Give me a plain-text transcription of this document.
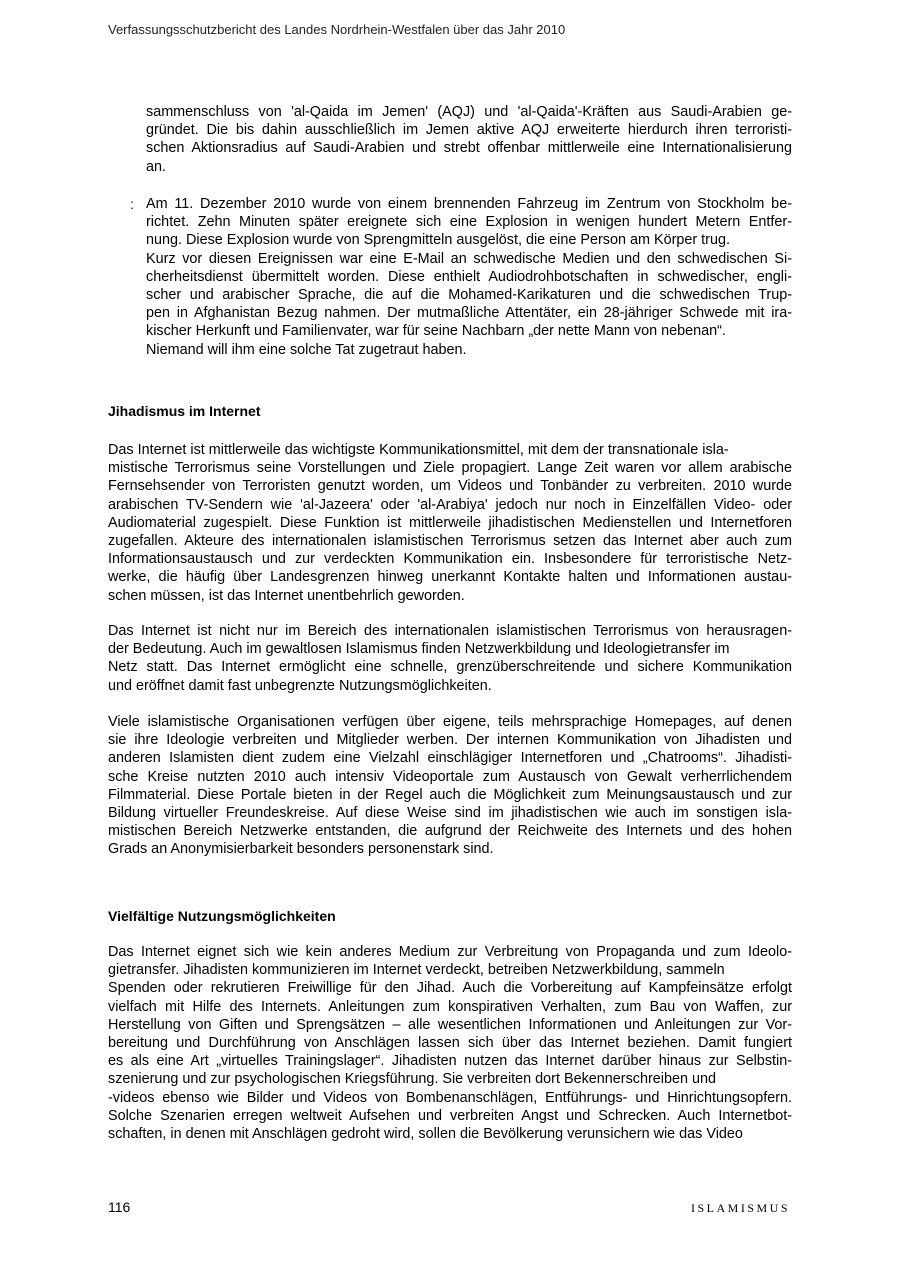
Verfassungsschutzbericht des Landes Nordrhein-Westfalen über das Jahr 2010
sammenschluss von 'al-Qaida im Jemen' (AQJ) und 'al-Qaida'-Kräften aus Saudi-Arabien ge-
gründet. Die bis dahin ausschließlich im Jemen aktive AQJ erweiterte hierdurch ihren terroristi-
schen Aktionsradius auf Saudi-Arabien und strebt offenbar mittlerweile eine Internationalisierung
an.
: Am 11. Dezember 2010 wurde von einem brennenden Fahrzeug im Zentrum von Stockholm be-
richtet. Zehn Minuten später ereignete sich eine Explosion in wenigen hundert Metern Entfer-
nung. Diese Explosion wurde von Sprengmitteln ausgelöst, die eine Person am Körper trug.
Kurz vor diesen Ereignissen war eine E-Mail an schwedische Medien und den schwedischen Si-
cherheitsdienst übermittelt worden. Diese enthielt Audiodrohbotschaften in schwedischer, engli-
scher und arabischer Sprache, die auf die Mohamed-Karikaturen und die schwedischen Trup-
pen in Afghanistan Bezug nahmen. Der mutmaßliche Attentäter, ein 28-jähriger Schwede mit ira-
kischer Herkunft und Familienvater, war für seine Nachbarn „der nette Mann von nebenan“.
Niemand will ihm eine solche Tat zugetraut haben.
Jihadismus im Internet
Das Internet ist mittlerweile das wichtigste Kommunikationsmittel, mit dem der transnationale isla-
mistische Terrorismus seine Vorstellungen und Ziele propagiert. Lange Zeit waren vor allem arabische
Fernsehsender von Terroristen genutzt worden, um Videos und Tonbänder zu verbreiten. 2010 wurde
arabischen TV-Sendern wie 'al-Jazeera' oder 'al-Arabiya' jedoch nur noch in Einzelfällen Video- oder
Audiomaterial zugespielt. Diese Funktion ist mittlerweile jihadistischen Medienstellen und Internetforen
zugefallen. Akteure des internationalen islamistischen Terrorismus setzen das Internet aber auch zum
Informationsaustausch und zur verdeckten Kommunikation ein. Insbesondere für terroristische Netz-
werke, die häufig über Landesgrenzen hinweg unerkannt Kontakte halten und Informationen austau-
schen müssen, ist das Internet unentbehrlich geworden.
Das Internet ist nicht nur im Bereich des internationalen islamistischen Terrorismus von herausragen-
der Bedeutung. Auch im gewaltlosen Islamismus finden Netzwerkbildung und Ideologietransfer im
Netz statt. Das Internet ermöglicht eine schnelle, grenzüberschreitende und sichere Kommunikation
und eröffnet damit fast unbegrenzte Nutzungsmöglichkeiten.
Viele islamistische Organisationen verfügen über eigene, teils mehrsprachige Homepages, auf denen
sie ihre Ideologie verbreiten und Mitglieder werben. Der internen Kommunikation von Jihadisten und
anderen Islamisten dient zudem eine Vielzahl einschlägiger Internetforen und „Chatrooms“. Jihadisti-
sche Kreise nutzten 2010 auch intensiv Videoportale zum Austausch von Gewalt verherrlichendem
Filmmaterial. Diese Portale bieten in der Regel auch die Möglichkeit zum Meinungsaustausch und zur
Bildung virtueller Freundeskreise. Auf diese Weise sind im jihadistischen wie auch im sonstigen isla-
mistischen Bereich Netzwerke entstanden, die aufgrund der Reichweite des Internets und des hohen
Grads an Anonymisierbarkeit besonders personenstark sind.
Vielfältige Nutzungsmöglichkeiten
Das Internet eignet sich wie kein anderes Medium zur Verbreitung von Propaganda und zum Ideolo-
gietransfer. Jihadisten kommunizieren im Internet verdeckt, betreiben Netzwerkbildung, sammeln
Spenden oder rekrutieren Freiwillige für den Jihad. Auch die Vorbereitung auf Kampfeinsätze erfolgt
vielfach mit Hilfe des Internets. Anleitungen zum konspirativen Verhalten, zum Bau von Waffen, zur
Herstellung von Giften und Sprengsätzen – alle wesentlichen Informationen und Anleitungen zur Vor-
bereitung und Durchführung von Anschlägen lassen sich über das Internet beziehen. Damit fungiert
es als eine Art „virtuelles Trainingslager“. Jihadisten nutzen das Internet darüber hinaus zur Selbstin-
szenierung und zur psychologischen Kriegsführung. Sie verbreiten dort Bekennerschreiben und
-videos ebenso wie Bilder und Videos von Bombenanschlägen, Entführungs- und Hinrichtungsopfern.
Solche Szenarien erregen weltweit Aufsehen und verbreiten Angst und Schrecken. Auch Internetbot-
schaften, in denen mit Anschlägen gedroht wird, sollen die Bevölkerung verunsichern wie das Video
116	ISLAMISMUS
